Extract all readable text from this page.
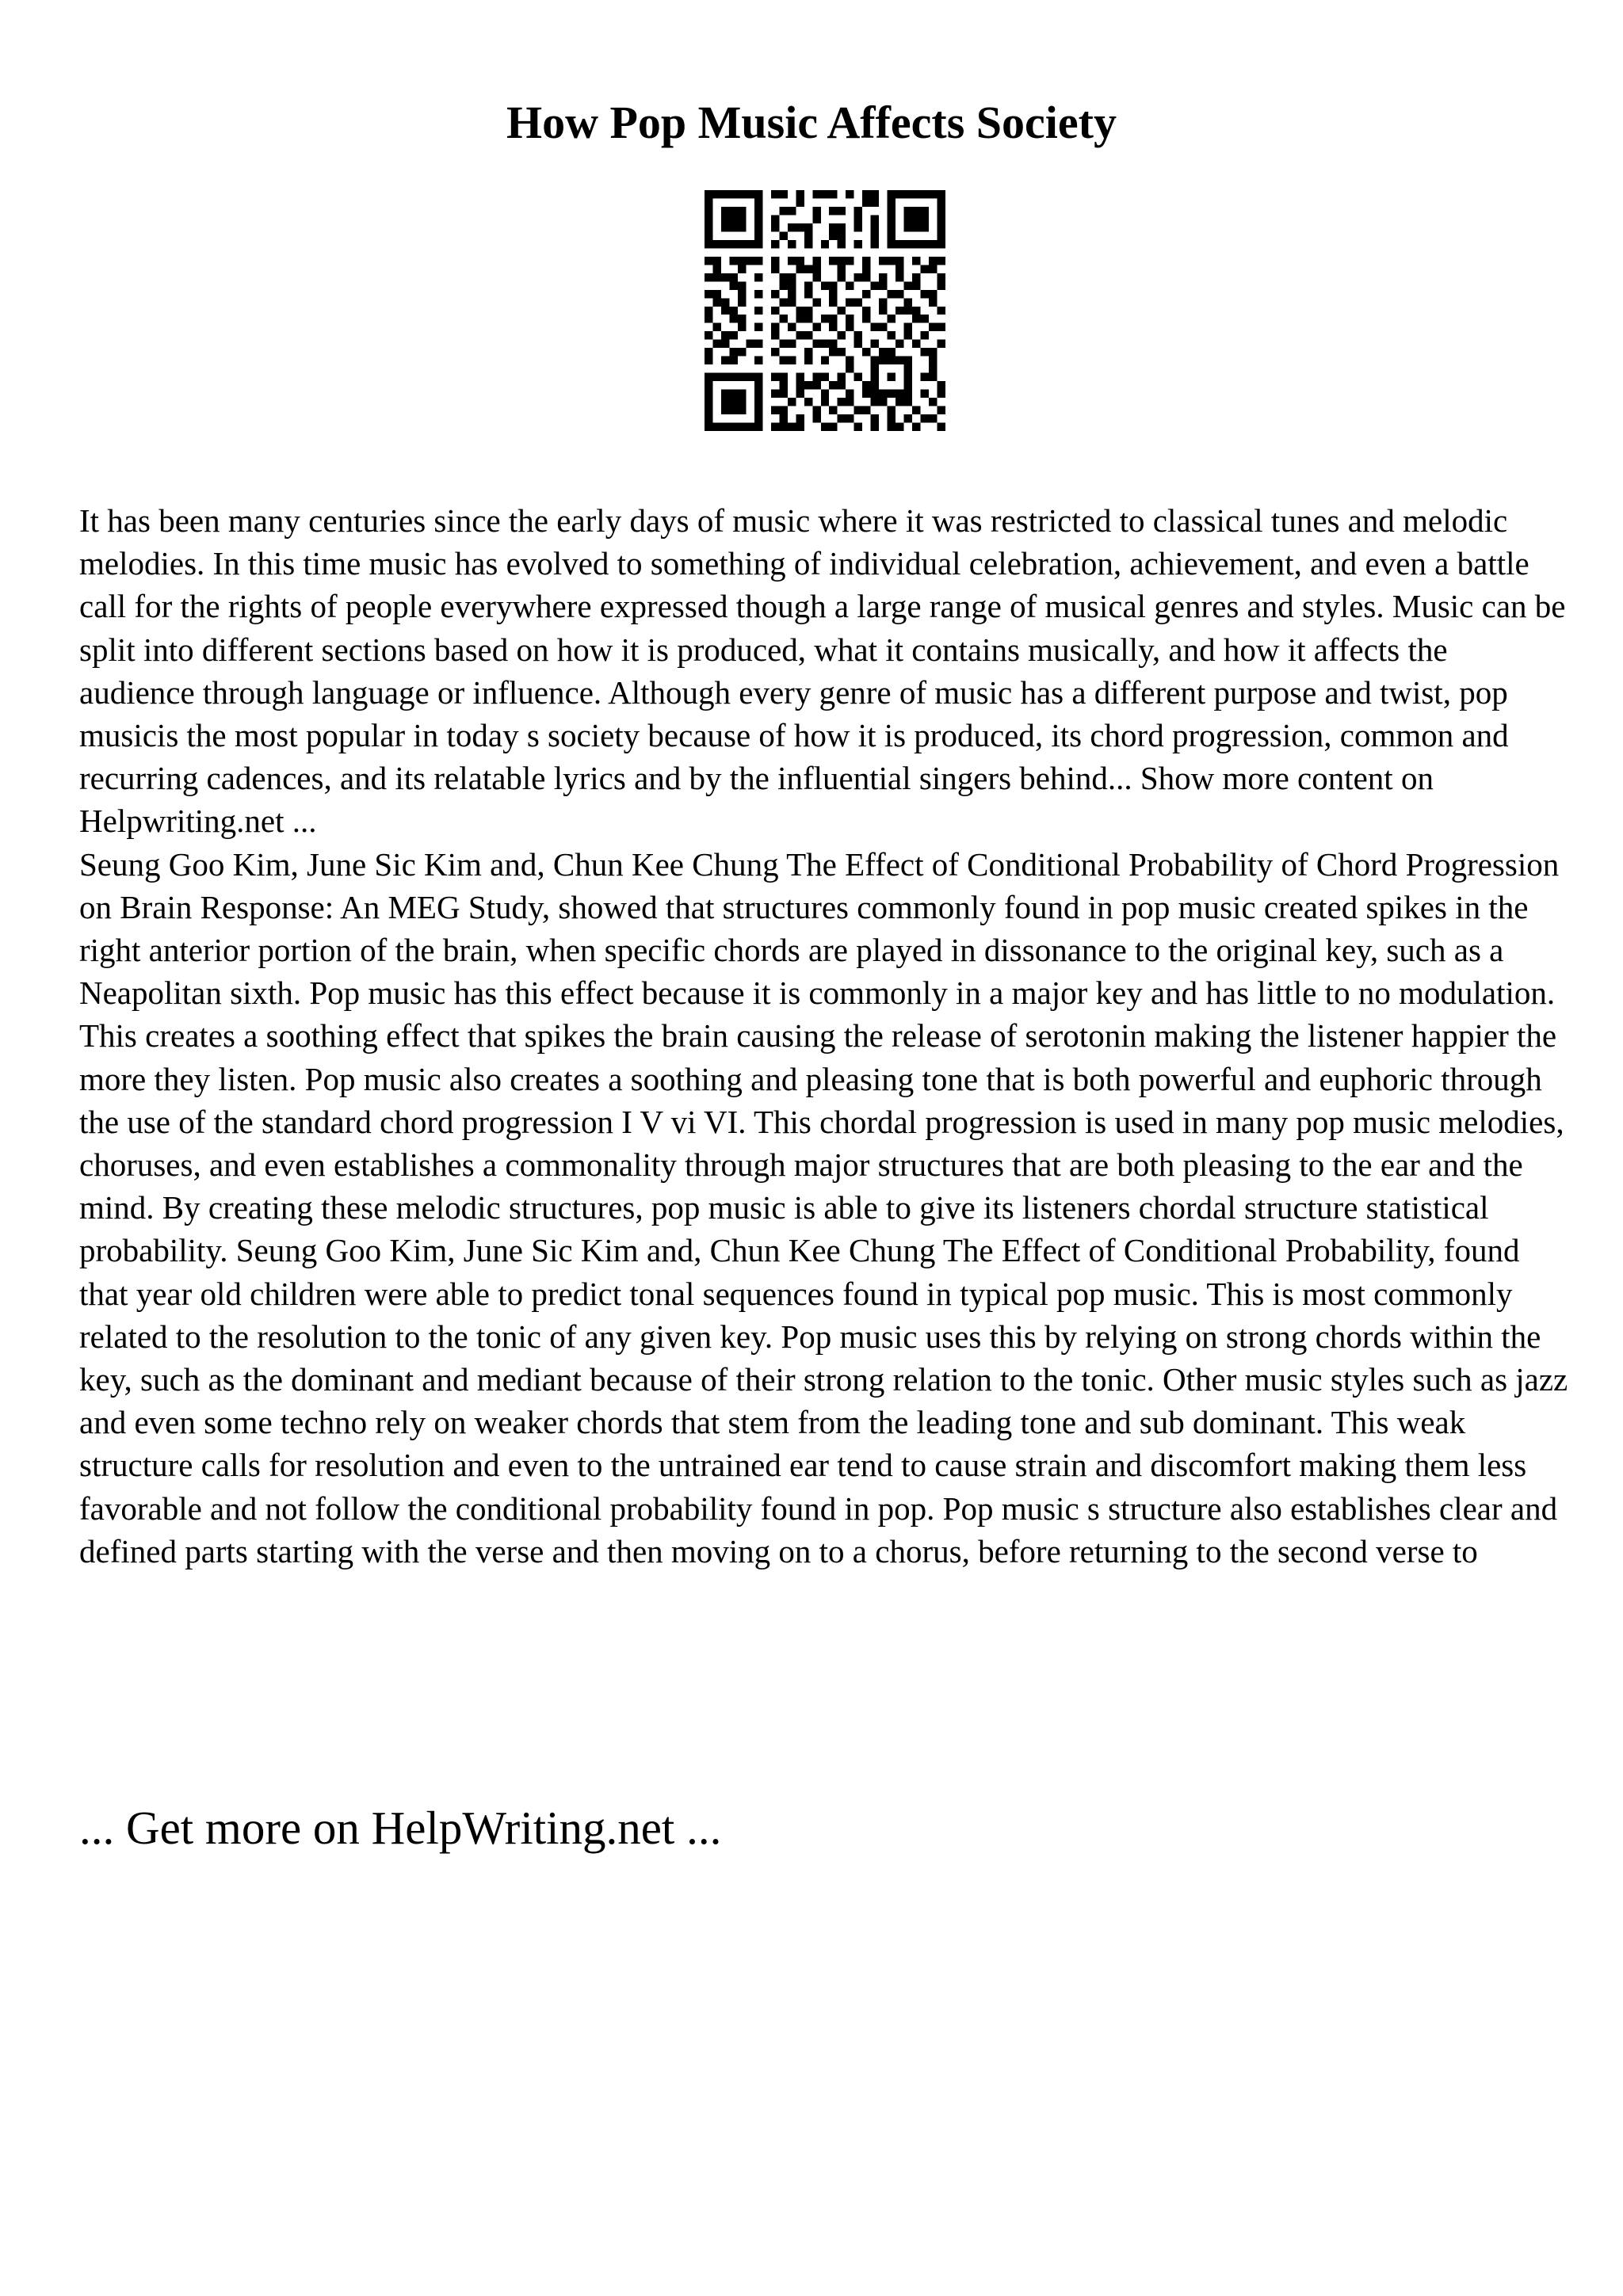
How Pop Music Affects Society

It has been many centuries since the early days of music where it was restricted to classical tunes and melodic melodies. In this time music has evolved to something of individual celebration, achievement, and even a battle call for the rights of people everywhere expressed though a large range of musical genres and styles. Music can be split into different sections based on how it is produced, what it contains musically, and how it affects the audience through language or influence. Although every genre of music has a different purpose and twist, pop musicis the most popular in today s society because of how it is produced, its chord progression, common and recurring cadences, and its relatable lyrics and by the influential singers behind... Show more content on Helpwriting.net ...

Seung Goo Kim, June Sic Kim and, Chun Kee Chung The Effect of Conditional Probability of Chord Progression on Brain Response: An MEG Study, showed that structures commonly found in pop music created spikes in the right anterior portion of the brain, when specific chords are played in dissonance to the original key, such as a Neapolitan sixth. Pop music has this effect because it is commonly in a major key and has little to no modulation. This creates a soothing effect that spikes the brain causing the release of serotonin making the listener happier the more they listen. Pop music also creates a soothing and pleasing tone that is both powerful and euphoric through the use of the standard chord progression I V vi VI. This chordal progression is used in many pop music melodies, choruses, and even establishes a commonality through major structures that are both pleasing to the ear and the mind. By creating these melodic structures, pop music is able to give its listeners chordal structure statistical probability. Seung Goo Kim, June Sic Kim and, Chun Kee Chung The Effect of Conditional Probability, found that year old children were able to predict tonal sequences found in typical pop music. This is most commonly related to the resolution to the tonic of any given key. Pop music uses this by relying on strong chords within the key, such as the dominant and mediant because of their strong relation to the tonic. Other music styles such as jazz and even some techno rely on weaker chords that stem from the leading tone and sub dominant. This weak structure calls for resolution and even to the untrained ear tend to cause strain and discomfort making them less favorable and not follow the conditional probability found in pop. Pop music s structure also establishes clear and defined parts starting with the verse and then moving on to a chorus, before returning to the second verse to

... Get more on HelpWriting.net ...
